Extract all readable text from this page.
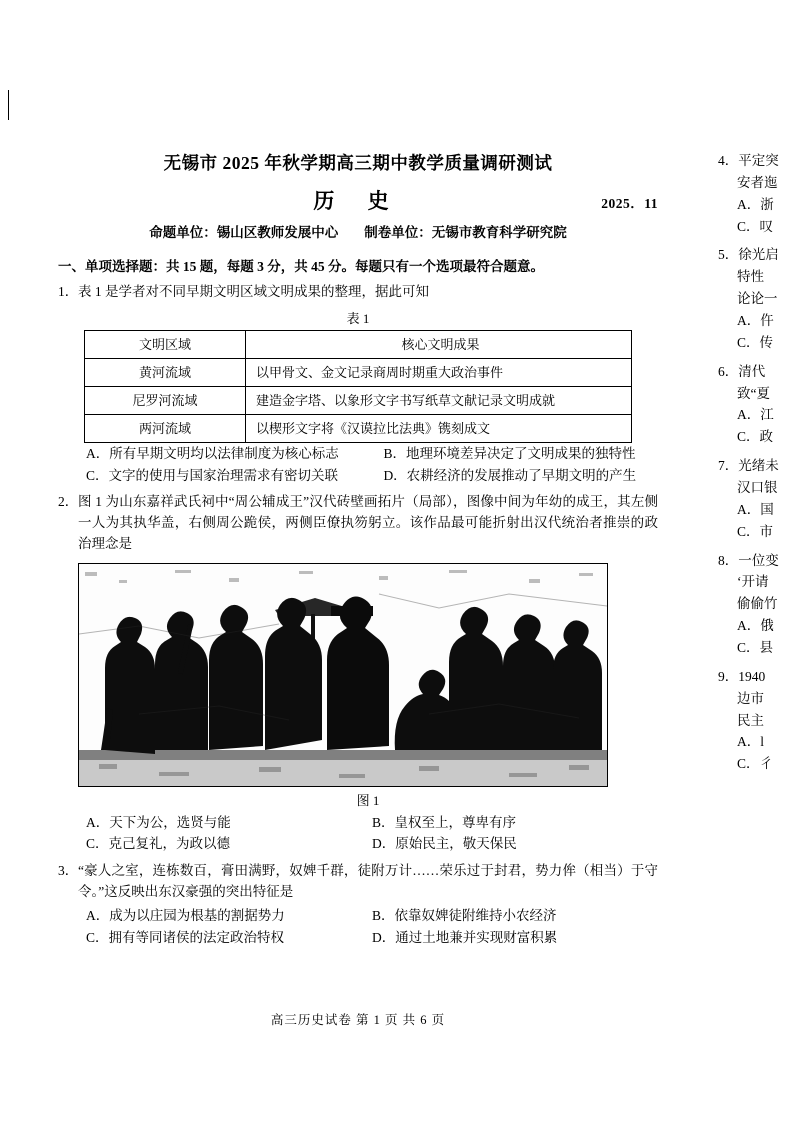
无锡市 2025 年秋学期高三期中教学质量调研测试
历 史	2025．11
命题单位：锡山区教师发展中心 制卷单位：无锡市教育科学研究院
一、单项选择题：共 15 题，每题 3 分，共 45 分。每题只有一个选项最符合题意。
1． 表 1 是学者对不同早期文明区域文明成果的整理，据此可知
表 1
文明区域	核心文明成果
黄河流域	以甲骨文、金文记录商周时期重大政治事件
尼罗河流域	建造金字塔、以象形文字书写纸草文献记录文明成就
两河流域	以楔形文字将《汉谟拉比法典》镌刻成文
A．所有早期文明均以法律制度为核心标志	B．地理环境差异决定了文明成果的独特性
C．文字的使用与国家治理需求有密切关联	D．农耕经济的发展推动了早期文明的产生
2． 图 1 为山东嘉祥武氏祠中“周公辅成王”汉代砖壁画拓片（局部），图像中间为年幼的成王，其左侧一人为其执华盖，右侧周公跪侯，两侧臣僚执笏躬立。该作品最可能折射出汉代统治者推崇的政治理念是
图 1
A．天下为公，选贤与能	B．皇权至上，尊卑有序
C．克己复礼，为政以德	D．原始民主，敬天保民
3． “豪人之室，连栋数百，膏田满野，奴婢千群，徒附万计……荣乐过于封君，势力侔（相当）于守令。”这反映出东汉豪强的突出特征是
A．成为以庄园为根基的割据势力	B．依靠奴婢徒附维持小农经济
C．拥有等同诸侯的法定政治特权	D．通过土地兼并实现财富积累
高三历史试卷 第 1 页 共 6 页
4．平定突
安者迤
A．浙
C．叹
5．徐光启
特性
论论一
A．仵
C．传
6．清代
致“夏
A．江
C．政
7．光绪未
汉口银
A．国
C．市
8．一位变
‘开请
偷偷竹
A．俄
C．县
9．1940
边市
民主
A．l
C．彳
